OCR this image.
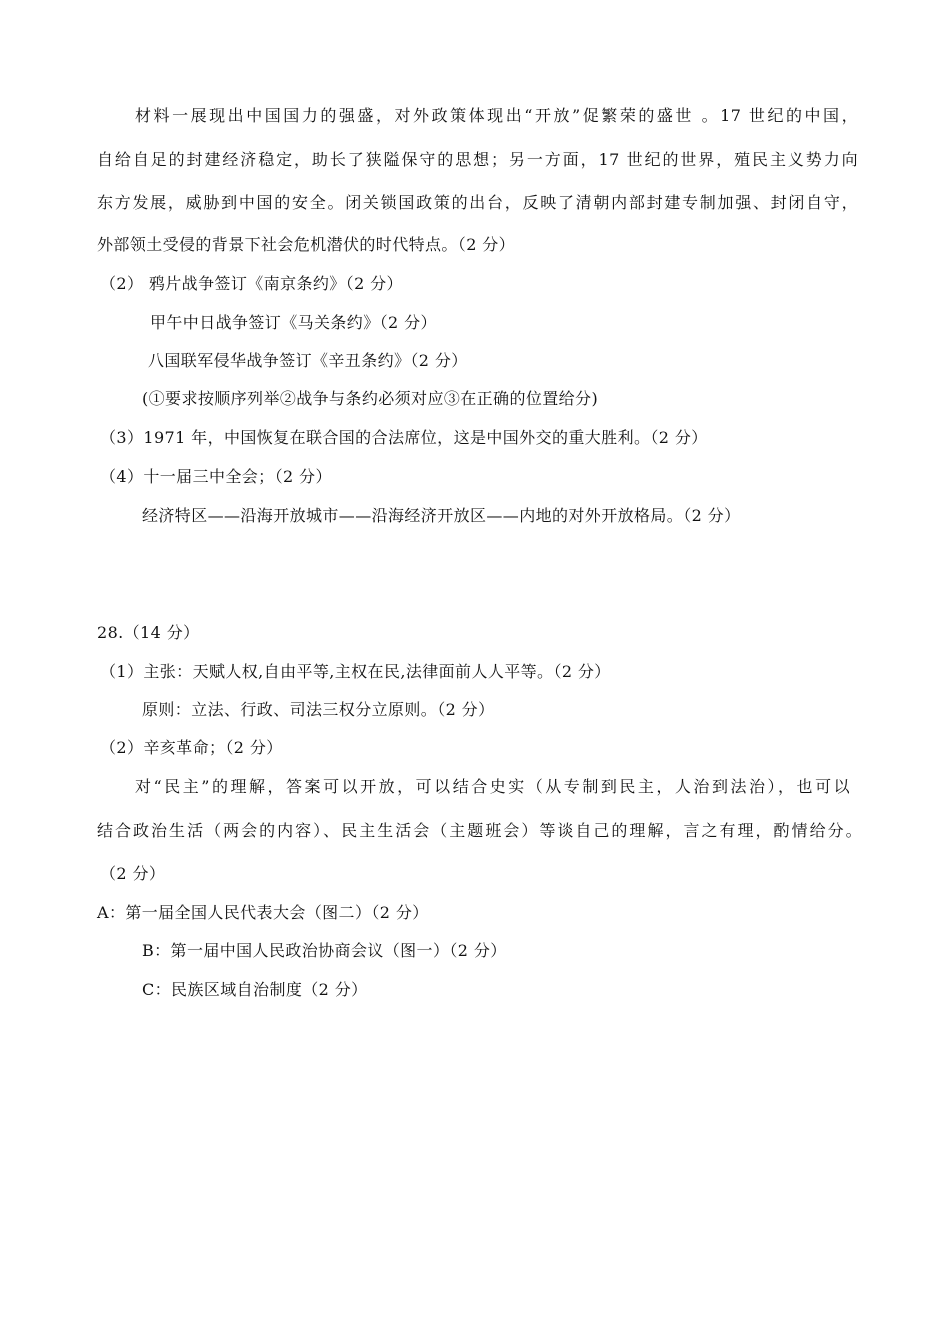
材料一展现出中国国力的强盛，对外政策体现出“开放”促繁荣的盛世 。17 世纪的中国，
自给自足的封建经济稳定，助长了狭隘保守的思想；另一方面，17 世纪的世界，殖民主义势力向
东方发展，威胁到中国的安全。闭关锁国政策的出台，反映了清朝内部封建专制加强、封闭自守，
外部领土受侵的背景下社会危机潜伏的时代特点。（2 分）
（2） 鸦片战争签订《南京条约》（2 分）
甲午中日战争签订《马关条约》（2 分）
八国联军侵华战争签订《辛丑条约》（2 分）
(①要求按顺序列举②战争与条约必须对应③在正确的位置给分)
（3）1971 年，中国恢复在联合国的合法席位，这是中国外交的重大胜利。（2 分）
（4）十一届三中全会；（2 分）
经济特区——沿海开放城市——沿海经济开放区——内地的对外开放格局。（2 分）
28.（14 分）
（1）主张：天赋人权,自由平等,主权在民,法律面前人人平等。（2 分）
原则：立法、行政、司法三权分立原则。（2 分）
（2）辛亥革命；（2 分）
对“民主”的理解，答案可以开放，可以结合史实（从专制到民主，人治到法治），也可以
结合政治生活（两会的内容）、民主生活会（主题班会）等谈自己的理解，言之有理，酌情给分。
（2 分）
A：第一届全国人民代表大会（图二）（2 分）
B：第一届中国人民政治协商会议（图一）（2 分）
C：民族区域自治制度（2 分）
